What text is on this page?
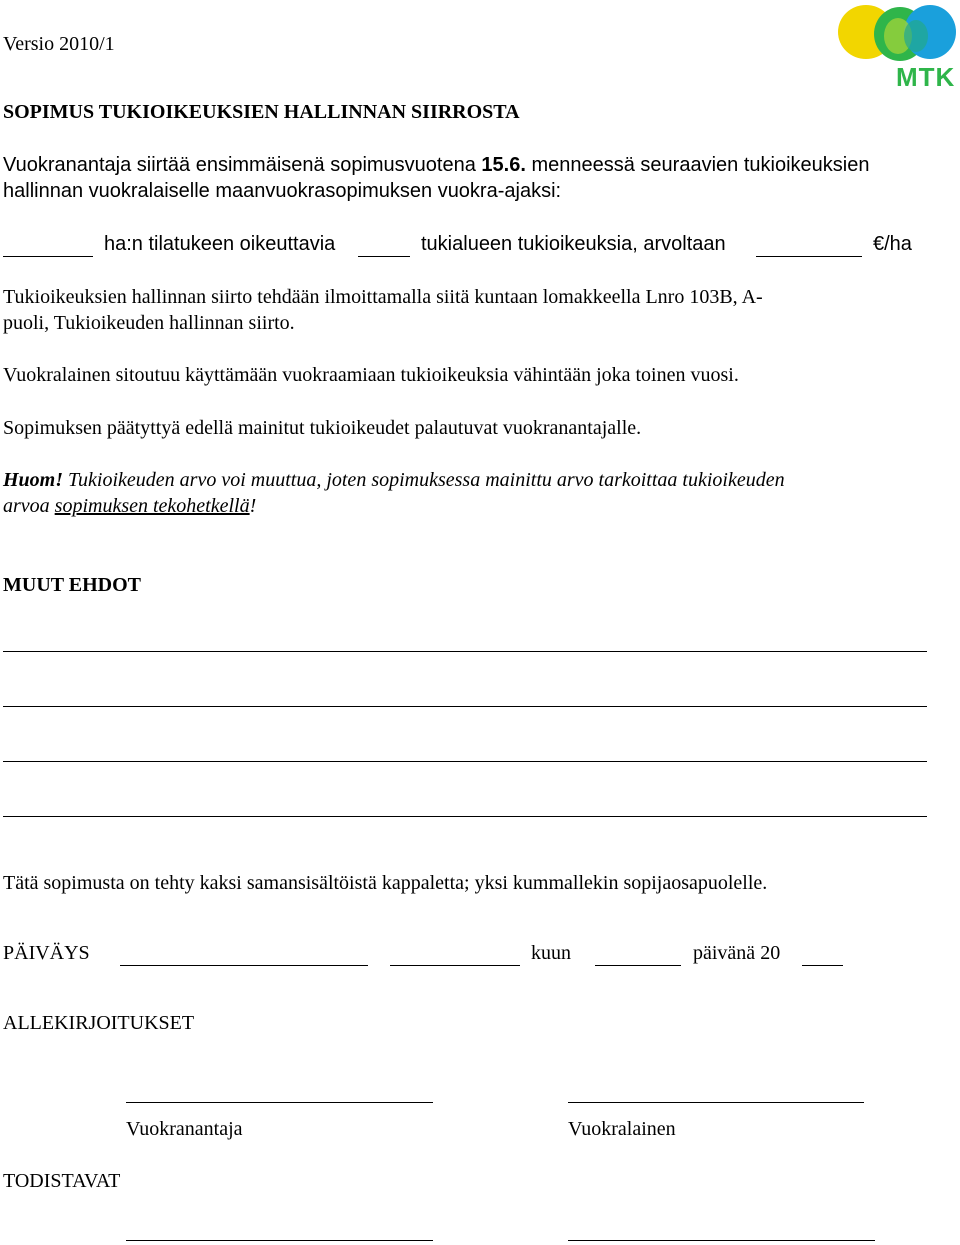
Versio 2010/1
MTK
SOPIMUS TUKIOIKEUKSIEN HALLINNAN SIIRROSTA
Vuokranantaja siirtää ensimmäisenä sopimusvuotena 15.6. menneessä seuraavien tukioikeuksien
hallinnan vuokralaiselle maanvuokrasopimuksen vuokra-ajaksi:
ha:n tilatukeen oikeuttavia	tukialueen tukioikeuksia, arvoltaan	€/ha
Tukioikeuksien hallinnan siirto tehdään ilmoittamalla siitä kuntaan lomakkeella Lnro 103B, A-
puoli, Tukioikeuden hallinnan siirto.
Vuokralainen sitoutuu käyttämään vuokraamiaan tukioikeuksia vähintään joka toinen vuosi.
Sopimuksen päätyttyä edellä mainitut tukioikeudet palautuvat vuokranantajalle.
Huom! Tukioikeuden arvo voi muuttua, joten sopimuksessa mainittu arvo tarkoittaa tukioikeuden
arvoa sopimuksen tekohetkellä!
MUUT EHDOT
Tätä sopimusta on tehty kaksi samansisältöistä kappaletta; yksi kummallekin sopijaosapuolelle.
PÄIVÄYS	kuun	päivänä 20
ALLEKIRJOITUKSET
Vuokranantaja	Vuokralainen
TODISTAVAT
